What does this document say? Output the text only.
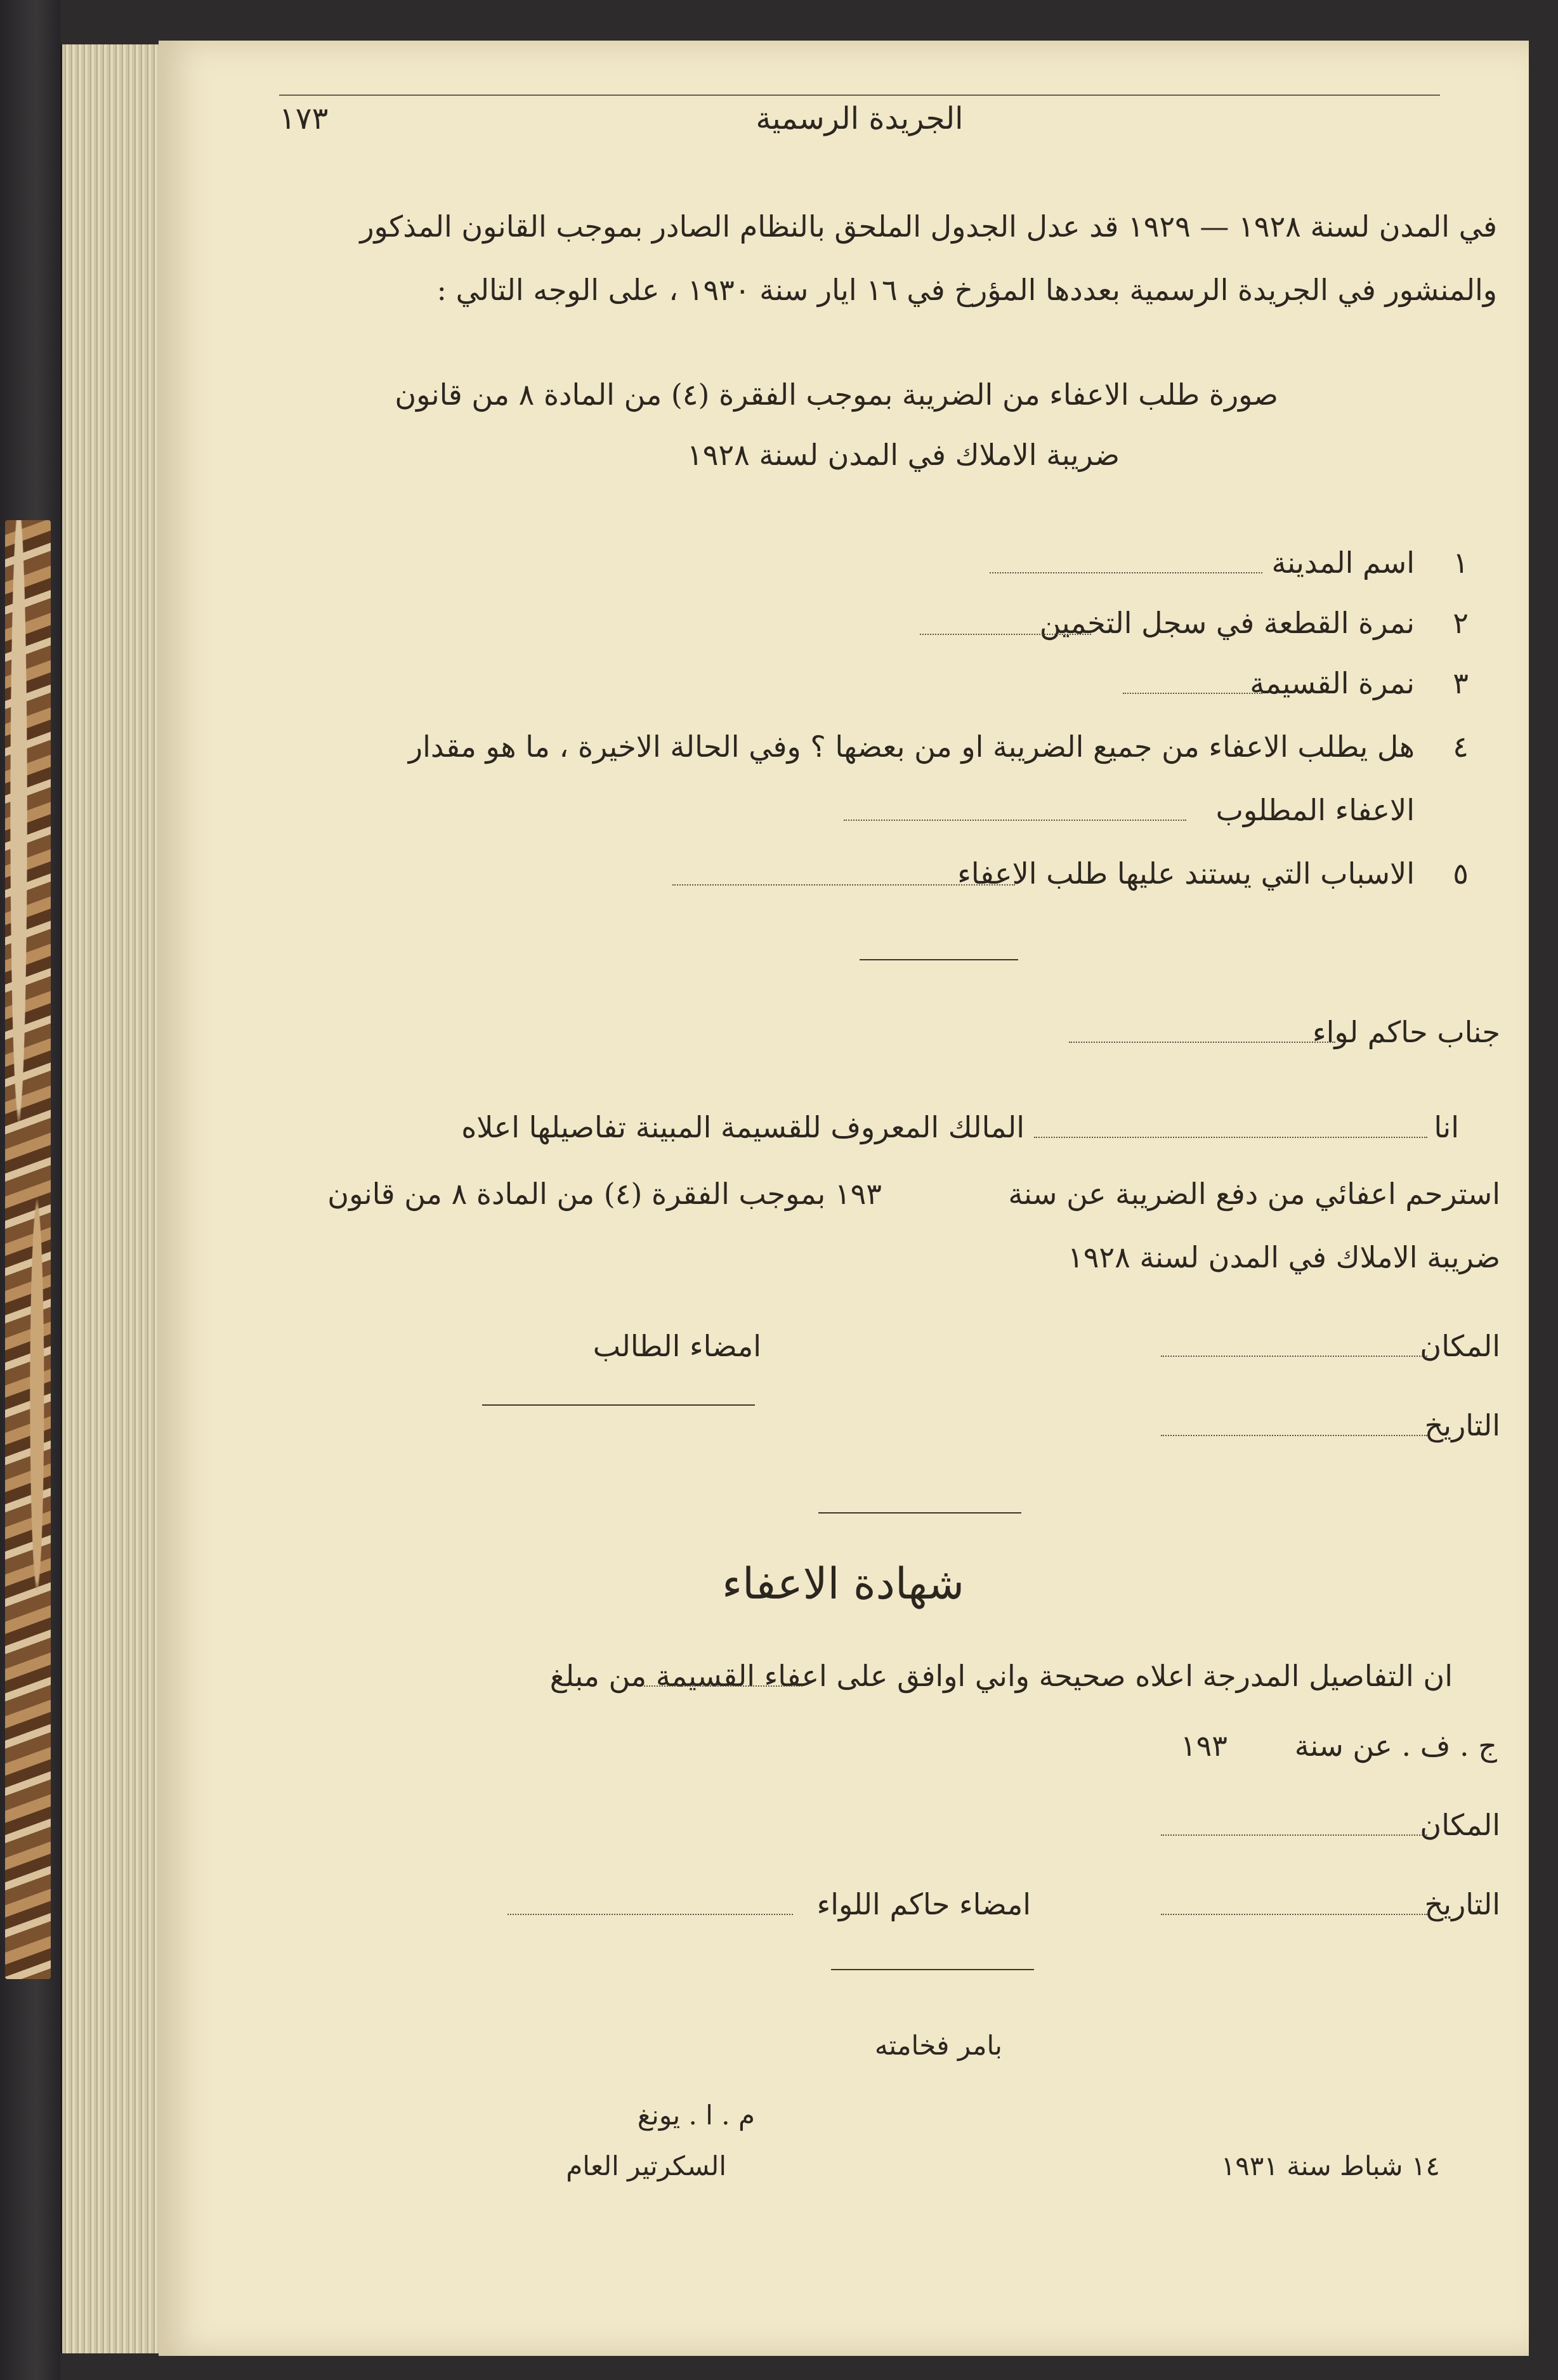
الجريدة الرسمية
١٧٣
في المدن لسنة ١٩٢٨ — ١٩٢٩ قد عدل الجدول الملحق بالنظام الصادر بموجب القانون المذكور
والمنشور في الجريدة الرسمية بعددها المؤرخ في ١٦ ايار سنة ١٩٣٠ ، على الوجه التالي :
صورة طلب الاعفاء من الضريبة بموجب الفقرة (٤) من المادة ٨ من قانون
ضريبة الاملاك في المدن لسنة ١٩٢٨
١
اسم المدينة
٢
نمرة القطعة في سجل التخمين
٣
نمرة القسيمة
٤
هل يطلب الاعفاء من جميع الضريبة او من بعضها ؟ وفي الحالة الاخيرة ، ما هو مقدار
الاعفاء المطلوب
٥
الاسباب التي يستند عليها طلب الاعفاء
جناب حاكم لواء
انا
المالك المعروف للقسيمة المبينة تفاصيلها اعلاه
استرحم اعفائي من دفع الضريبة عن سنة
١٩٣ بموجب الفقرة (٤) من المادة ٨ من قانون
ضريبة الاملاك في المدن لسنة ١٩٢٨
المكان
امضاء الطالب
التاريخ
شهادة الاعفاء
ان التفاصيل المدرجة اعلاه صحيحة واني اوافق على اعفاء القسيمة من مبلغ
ج . ف . عن سنة
١٩٣
المكان
التاريخ
امضاء حاكم اللواء
بامر فخامته
م . ا . يونغ
السكرتير العام	١٤ شباط سنة ١٩٣١
